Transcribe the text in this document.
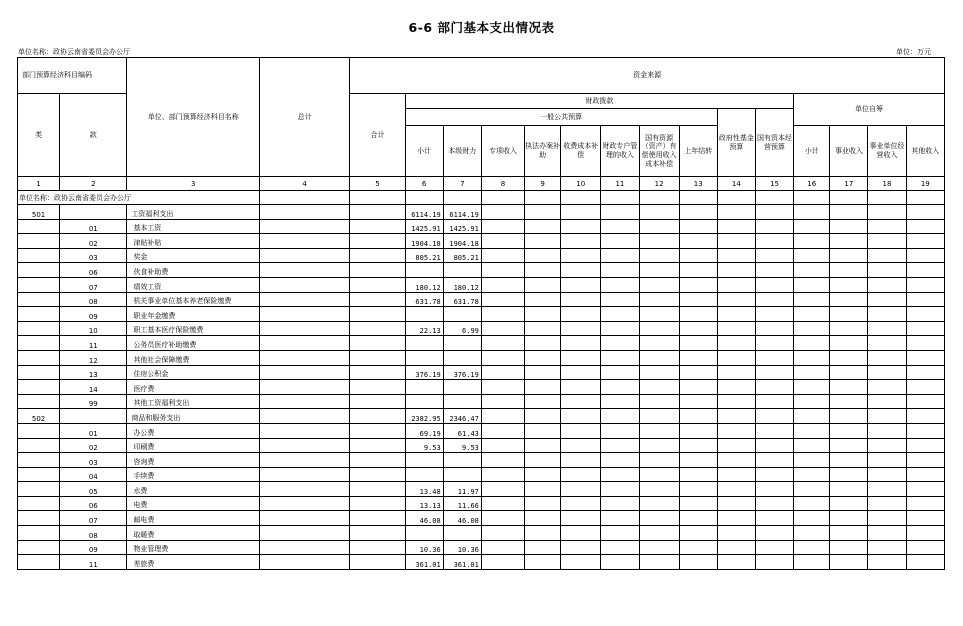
6-6 部门基本支出情况表
单位名称：政协云南省委员会办公厅	单位：万元
部门预算经济科目编码		单位、部门预算经济科目名称	总计	资金来源														
类	款			合计	财政拨款										单位自筹			
					一般公共预算								政府性基金预算	国有资本经营预算				
					小计	本级财力	专项收入	执法办案补助	收费成本补偿	财政专户管理的收入	国有资源（资产）有偿使用收入成本补偿	上年结转			小计	事业收入	事业单位经营收入	其他收入
1	2	3	4	5	6	7	8	9	10	11	12	13	14	15	16	17	18	19
单位名称：政协云南省委员会办公厅																		
501		工资福利支出			6114.19	6114.19												
	01	基本工资			1425.91	1425.91												
	02	津贴补贴			1904.18	1904.18												
	03	奖金			805.21	805.21												
	06	伙食补助费																
	07	绩效工资			180.12	180.12												
	08	机关事业单位基本养老保险缴费			631.78	631.78												
	09	职业年金缴费																
	10	职工基本医疗保险缴费			22.13	6.99												
	11	公务员医疗补助缴费																
	12	其他社会保障缴费																
	13	住房公积金			376.19	376.19												
	14	医疗费																
	99	其他工资福利支出																
502		商品和服务支出			2382.95	2346.47												
	01	办公费			69.19	61.43												
	02	印刷费			9.53	9.53												
	03	咨询费																
	04	手续费																
	05	水费			13.48	11.97												
	06	电费			13.13	11.66												
	07	邮电费			46.08	46.08												
	08	取暖费																
	09	物业管理费			10.36	10.36												
	11	差旅费			361.01	361.01												
